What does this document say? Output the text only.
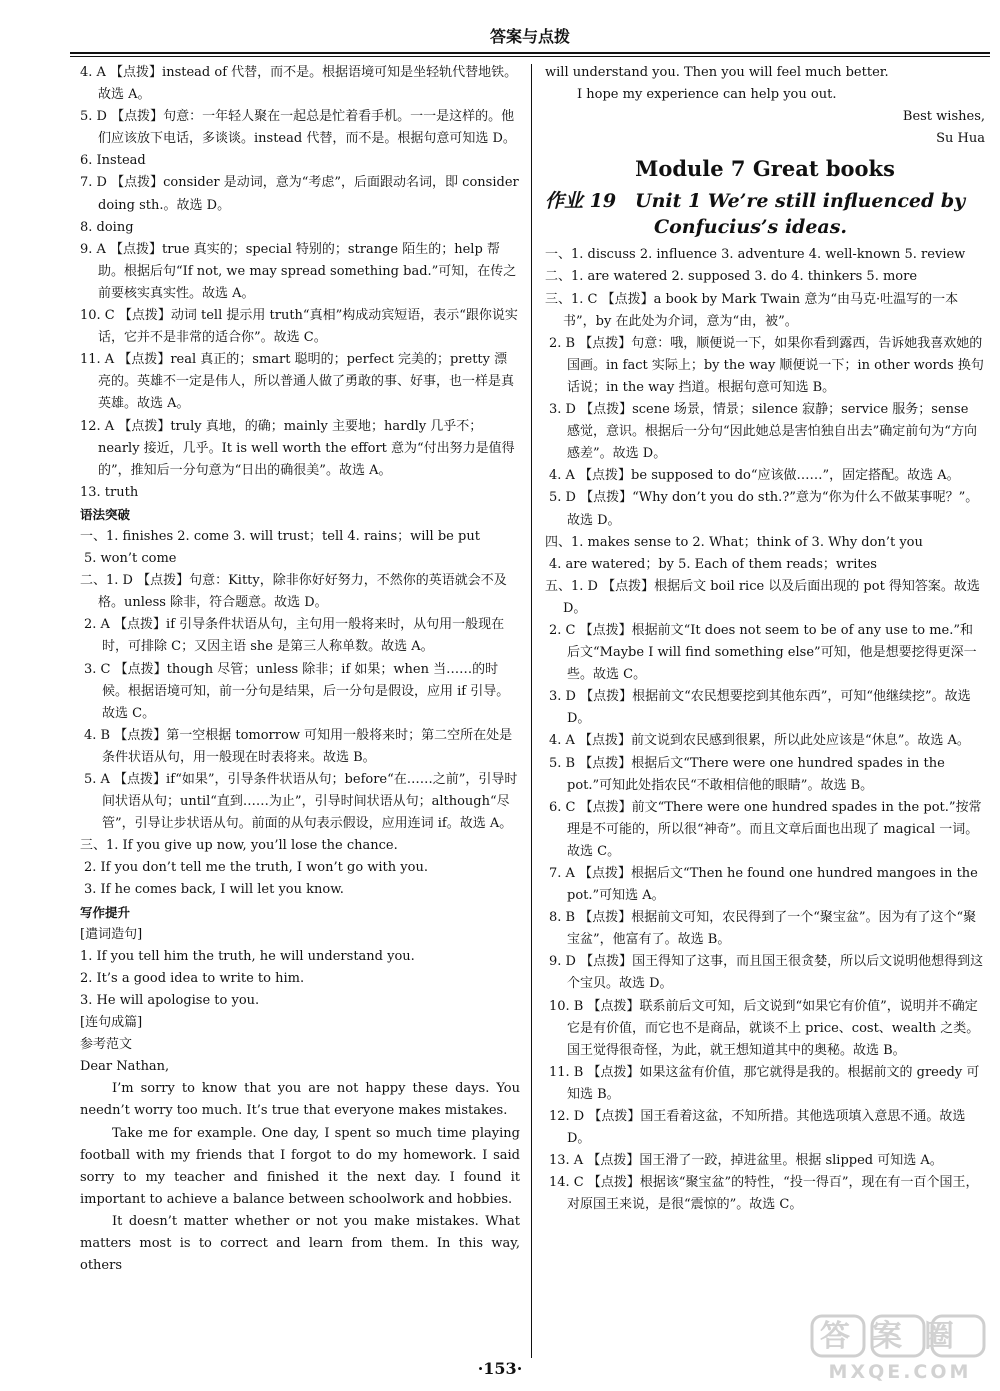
答案与点拨
4. A 【点拨】instead of 代替，而不是。根据语境可知是坐轻轨代替地铁。故选 A。
5. D 【点拨】句意：一年轻人聚在一起总是忙着看手机。一一是这样的。他们应该放下电话，多谈谈。instead 代替，而不是。根据句意可知选 D。
6. Instead
7. D 【点拨】consider 是动词，意为“考虑”，后面跟动名词，即 consider doing sth.。故选 D。
8. doing
9. A 【点拨】true 真实的；special 特别的；strange 陌生的；help 帮助。根据后句“If not, we may spread something bad.”可知，在传之前要核实真实性。故选 A。
10. C 【点拨】动词 tell 提示用 truth“真相”构成动宾短语，表示“跟你说实话，它并不是非常的适合你”。故选 C。
11. A 【点拨】real 真正的；smart 聪明的；perfect 完美的；pretty 漂亮的。英雄不一定是伟人，所以普通人做了勇敢的事、好事，也一样是真英雄。故选 A。
12. A 【点拨】truly 真地，的确；mainly 主要地；hardly 几乎不；nearly 接近，几乎。It is well worth the effort 意为“付出努力是值得的”，推知后一分句意为“日出的确很美”。故选 A。
13. truth
语法突破
一、1. finishes 2. come 3. will trust；tell 4. rains；will be put
5. won’t come
二、1. D 【点拨】句意：Kitty，除非你好好努力，不然你的英语就会不及格。unless 除非，符合题意。故选 D。
2. A 【点拨】if 引导条件状语从句，主句用一般将来时，从句用一般现在时，可排除 C；又因主语 she 是第三人称单数。故选 A。
3. C 【点拨】though 尽管；unless 除非；if 如果；when 当……的时候。根据语境可知，前一分句是结果，后一分句是假设，应用 if 引导。故选 C。
4. B 【点拨】第一空根据 tomorrow 可知用一般将来时；第二空所在处是条件状语从句，用一般现在时表将来。故选 B。
5. A 【点拨】if“如果”，引导条件状语从句；before“在……之前”，引导时间状语从句；until“直到……为止”，引导时间状语从句；although“尽管”，引导让步状语从句。前面的从句表示假设，应用连词 if。故选 A。
三、1. If you give up now, you’ll lose the chance.
2. If you don’t tell me the truth, I won’t go with you.
3. If he comes back, I will let you know.
写作提升
[遣词造句]
1. If you tell him the truth, he will understand you.
2. It’s a good idea to write to him.
3. He will apologise to you.
[连句成篇]
参考范文
Dear Nathan,
I’m sorry to know that you are not happy these days. You needn’t worry too much. It’s true that everyone makes mistakes.
Take me for example. One day, I spent so much time playing football with my friends that I forgot to do my homework. I said sorry to my teacher and finished it the next day. I found it important to achieve a balance between schoolwork and hobbies.
It doesn’t matter whether or not you make mistakes. What matters most is to correct and learn from them. In this way, others
will understand you. Then you will feel much better.
I hope my experience can help you out.
Best wishes,
Su Hua
Module 7 Great books
作业 19 Unit 1 We’re still influenced by
Confucius’s ideas.
一、1. discuss 2. influence 3. adventure 4. well-known 5. review
二、1. are watered 2. supposed 3. do 4. thinkers 5. more
三、1. C 【点拨】a book by Mark Twain 意为“由马克·吐温写的一本书”，by 在此处为介词，意为“由，被”。
2. B 【点拨】句意：哦，顺便说一下，如果你看到露西，告诉她我喜欢她的国画。in fact 实际上；by the way 顺便说一下；in other words 换句话说；in the way 挡道。根据句意可知选 B。
3. D 【点拨】scene 场景，情景；silence 寂静；service 服务；sense 感觉，意识。根据后一分句“因此她总是害怕独自出去”确定前句为“方向感差”。故选 D。
4. A 【点拨】be supposed to do“应该做……”，固定搭配。故选 A。
5. D 【点拨】“Why don’t you do sth.?”意为“你为什么不做某事呢？”。故选 D。
四、1. makes sense to 2. What；think of 3. Why don’t you
4. are watered；by 5. Each of them reads；writes
五、1. D 【点拨】根据后文 boil rice 以及后面出现的 pot 得知答案。故选 D。
2. C 【点拨】根据前文“It does not seem to be of any use to me.”和后文“Maybe I will find something else”可知，他是想要挖得更深一些。故选 C。
3. D 【点拨】根据前文“农民想要挖到其他东西”，可知“他继续挖”。故选 D。
4. A 【点拨】前文说到农民感到很累，所以此处应该是“休息”。故选 A。
5. B 【点拨】根据后文“There were one hundred spades in the pot.”可知此处指农民“不敢相信他的眼睛”。故选 B。
6. C 【点拨】前文“There were one hundred spades in the pot.”按常理是不可能的，所以很“神奇”。而且文章后面也出现了 magical 一词。故选 C。
7. A 【点拨】根据后文“Then he found one hundred mangoes in the pot.”可知选 A。
8. B 【点拨】根据前文可知，农民得到了一个“聚宝盆”。因为有了这个“聚宝盆”，他富有了。故选 B。
9. D 【点拨】国王得知了这事，而且国王很贪婪，所以后文说明他想得到这个宝贝。故选 D。
10. B 【点拨】联系前后文可知，后文说到“如果它有价值”，说明并不确定它是有价值，而它也不是商品，就谈不上 price、cost、wealth 之类。国王觉得很奇怪，为此，就王想知道其中的奥秘。故选 B。
11. B 【点拨】如果这盆有价值，那它就得是我的。根据前文的 greedy 可知选 B。
12. D 【点拨】国王看着这盆，不知所措。其他选项填入意思不通。故选 D。
13. A 【点拨】国王滑了一跤，掉进盆里。根据 slipped 可知选 A。
14. C 【点拨】根据该“聚宝盆”的特性，“投一得百”，现在有一百个国王，对原国王来说，是很“震惊的”。故选 C。
·153·
答案圈
MXQE.COM
